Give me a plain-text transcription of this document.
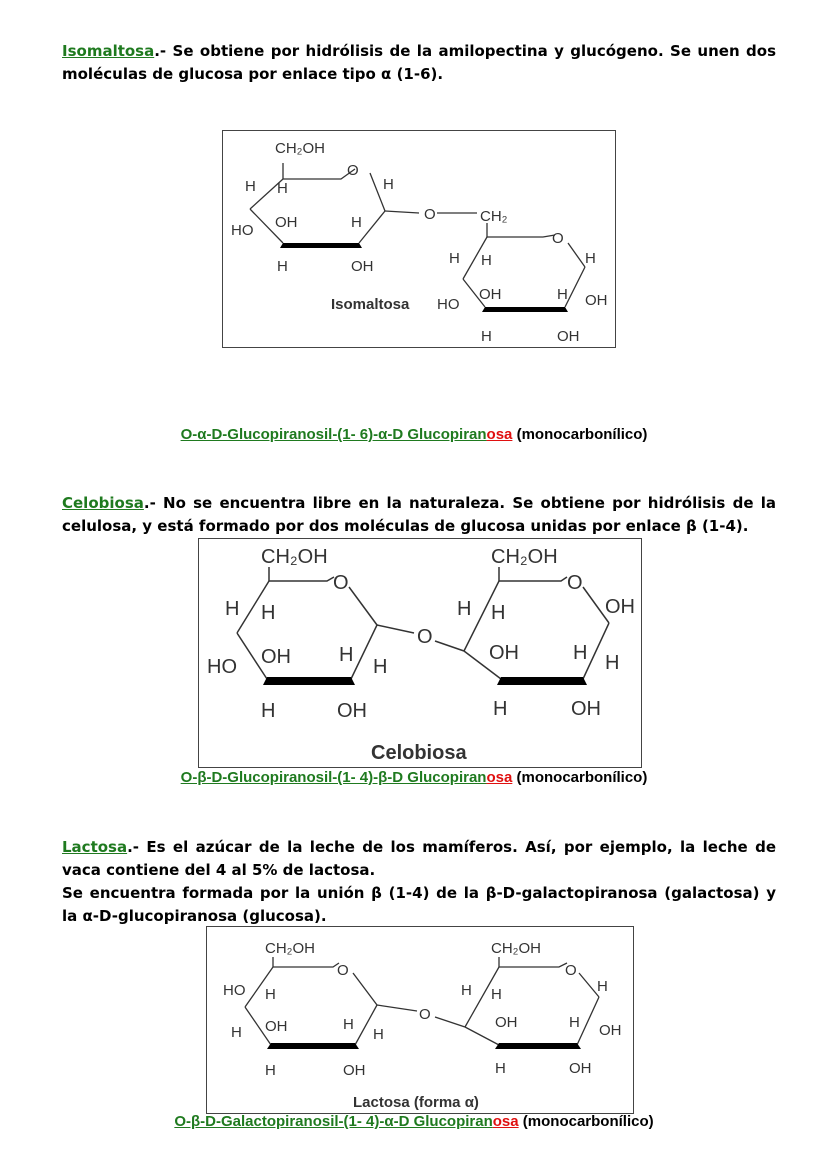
Isomaltosa.- Se obtiene por hidrólisis de la amilopectina y glucógeno. Se unen dos moléculas de glucosa por enlace tipo α (1-6).
CH₂OH
O
H H	H
HO OH	H
H	OH
O	CH₂
O
H H	H
Isomaltosa HO
OH	H OH
H	OH
O-α-D-Glucopiranosil-(1- 6)-α-D Glucopiranosa (monocarbonílico)
Celobiosa.- No se encuentra libre en la naturaleza. Se obtiene por hidrólisis de la celulosa, y está formado por dos moléculas de glucosa unidas por enlace β (1-4).
CH₂OH
O
H H
HO OH H
H
H	OH
O
CH₂OH
O
H H	OH
OH	H H
H	OH
Celobiosa
O-β-D-Glucopiranosil-(1- 4)-β-D Glucopiranosa (monocarbonílico)
Lactosa.- Es el azúcar de la leche de los mamíferos. Así, por ejemplo, la leche de vaca contiene del 4 al 5% de lactosa.
Se encuentra formada por la unión β (1-4) de la β-D-galactopiranosa (galactosa) y la α-D-glucopiranosa (glucosa).
CH₂OH
O
HO H
H OH	H
H
H	OH
O
CH₂OH
O
H H	H
OH	H OH
H	OH
Lactosa (forma α)
O-β-D-Galactopiranosil-(1- 4)-α-D Glucopiranosa (monocarbonílico)
